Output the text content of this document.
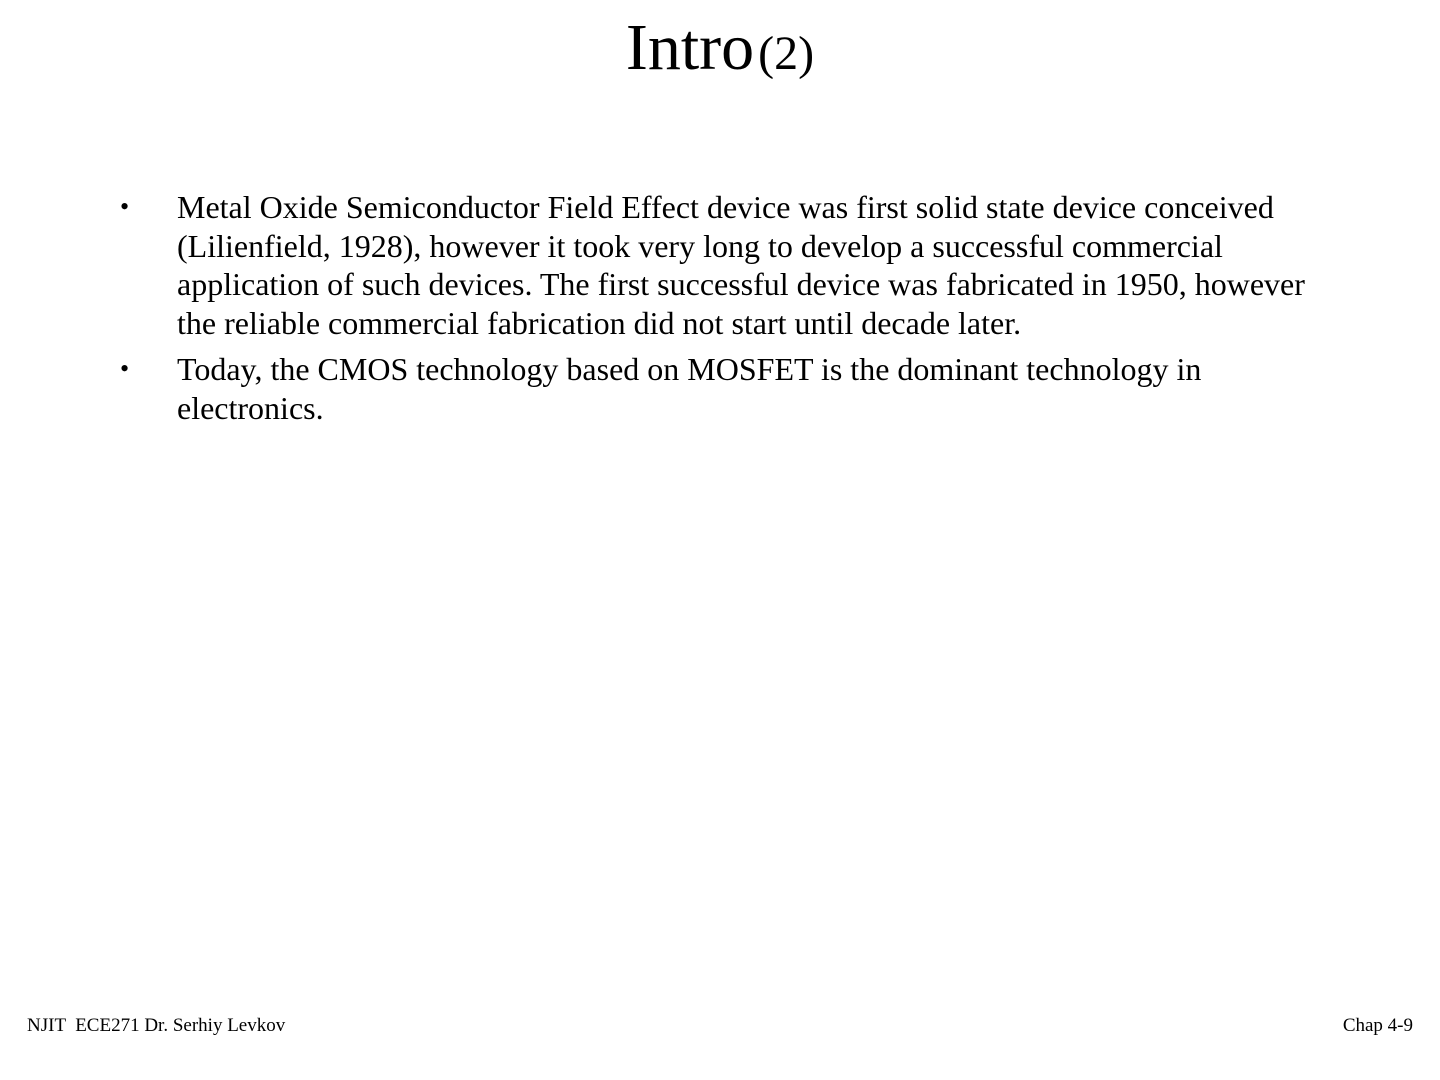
Intro (2)
• Metal Oxide Semiconductor Field Effect device was first solid state device conceived (Lilienfield, 1928), however it took very long to develop a successful commercial application of such devices. The first successful device was fabricated in 1950, however the reliable commercial fabrication did not start until decade later.
• Today, the CMOS technology based on MOSFET is the dominant technology in electronics.
NJIT  ECE271 Dr. Serhiy Levkov	Chap 4-9
